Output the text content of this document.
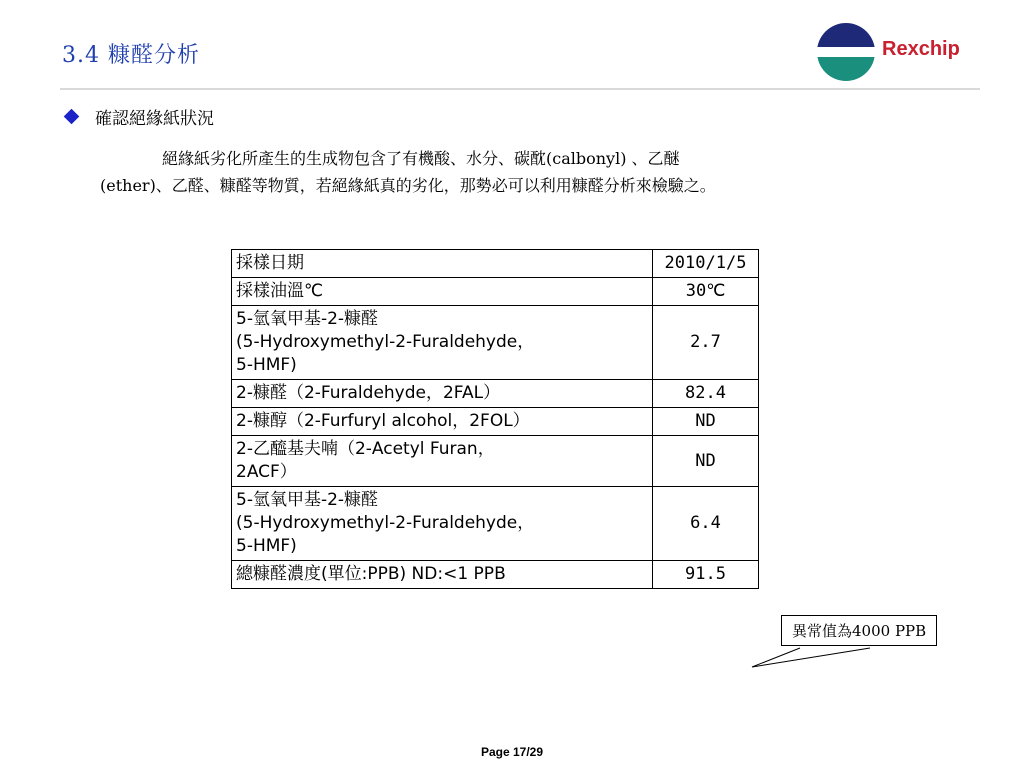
3.4 糠醛分析	Rexchip
確認絕緣紙狀況
絕緣紙劣化所產生的生成物包含了有機酸、水分、碳酖(calbonyl) 、乙醚
(ether)、乙醛、糠醛等物質，若絕緣紙真的劣化，那勢必可以利用糠醛分析來檢驗之。
採樣日期	2010/1/5
採樣油溫℃	30℃
5-氫氧甲基-2-糠醛
(5-Hydroxymethyl-2-Furaldehyde，
5-HMF)	2.7
2-糠醛（2-Furaldehyde，2FAL）	82.4
2-糠醇（2-Furfuryl alcohol，2FOL）	ND
2-乙醯基夫喃（2-Acetyl Furan，
2ACF）	ND
5-氫氧甲基-2-糠醛
(5-Hydroxymethyl-2-Furaldehyde，
5-HMF)	6.4
總糠醛濃度(單位:PPB) ND:<1 PPB	91.5
異常值為4000 PPB
Page 17/29
